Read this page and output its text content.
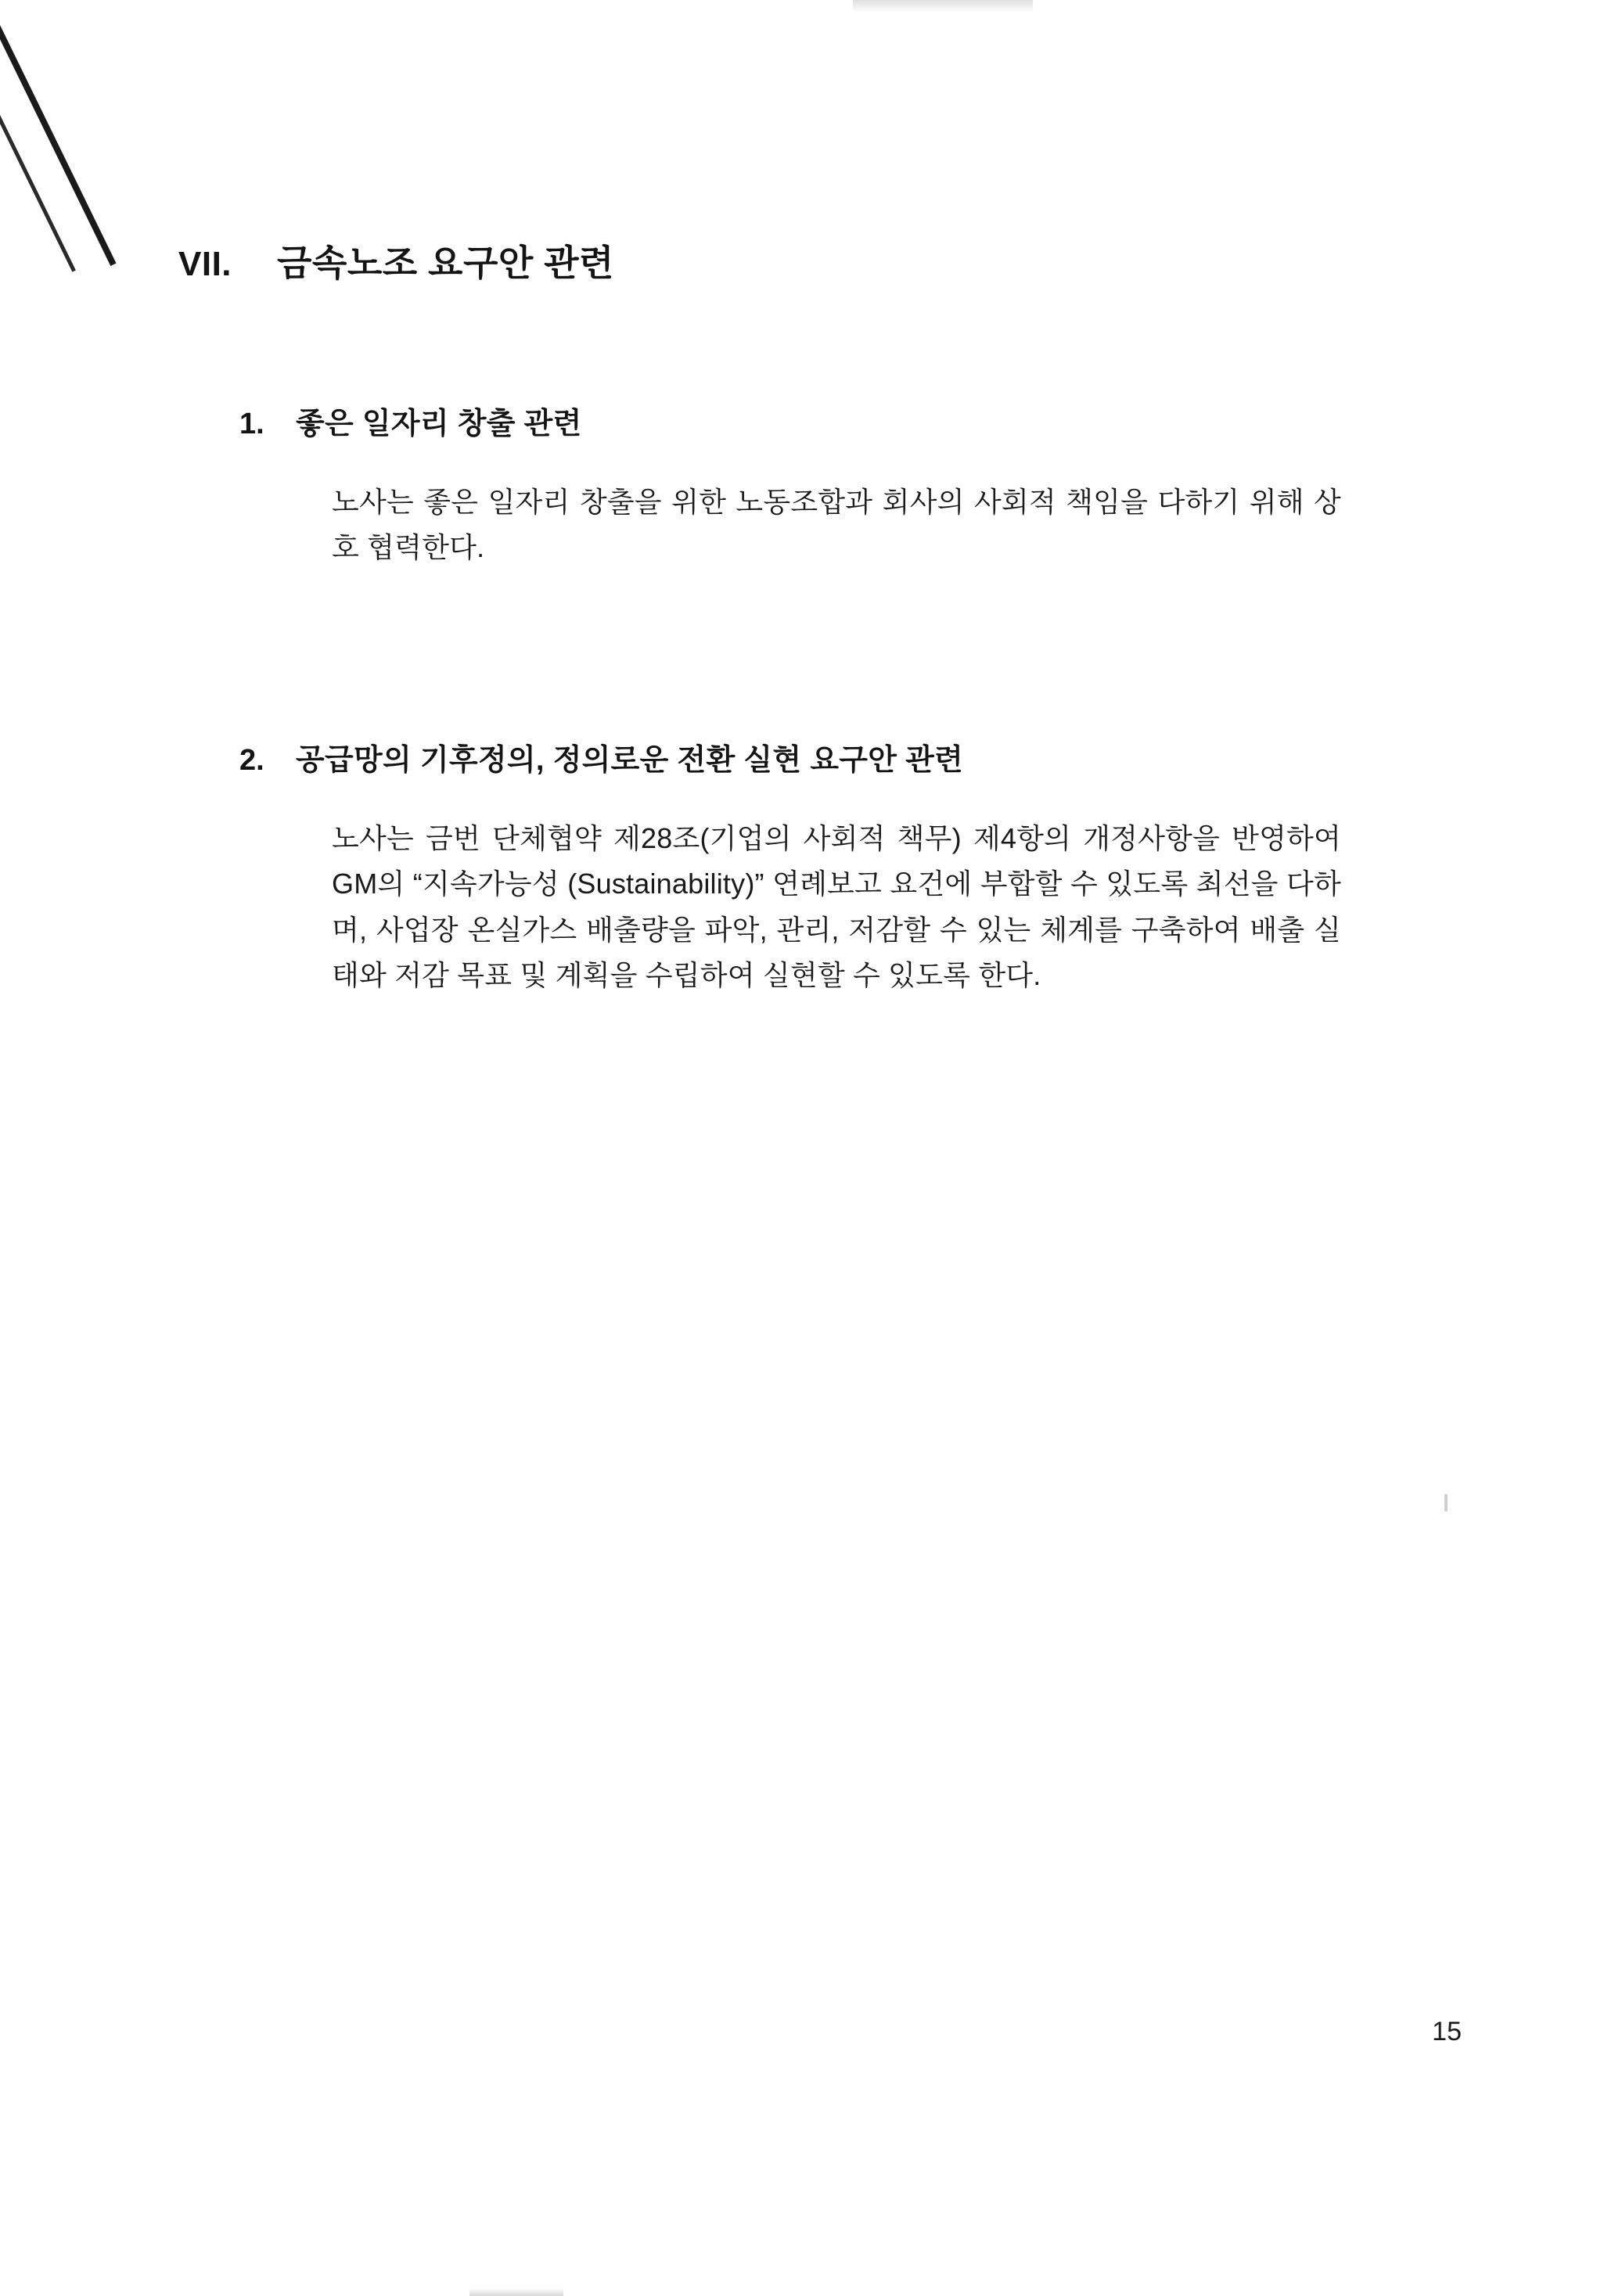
VII.	금속노조 요구안 관련
1.	좋은 일자리 창출 관련

노사는 좋은 일자리 창출을 위한 노동조합과 회사의 사회적 책임을 다하기 위해 상호 협력한다.

2.	공급망의 기후정의, 정의로운 전환 실현 요구안 관련

노사는 금번 단체협약 제28조(기업의 사회적 책무) 제4항의 개정사항을 반영하여 GM의 “지속가능성 (Sustainability)” 연례보고 요건에 부합할 수 있도록 최선을 다하며, 사업장 온실가스 배출량을 파악, 관리, 저감할 수 있는 체계를 구축하여 배출 실태와 저감 목표 및 계획을 수립하여 실현할 수 있도록 한다.

15
